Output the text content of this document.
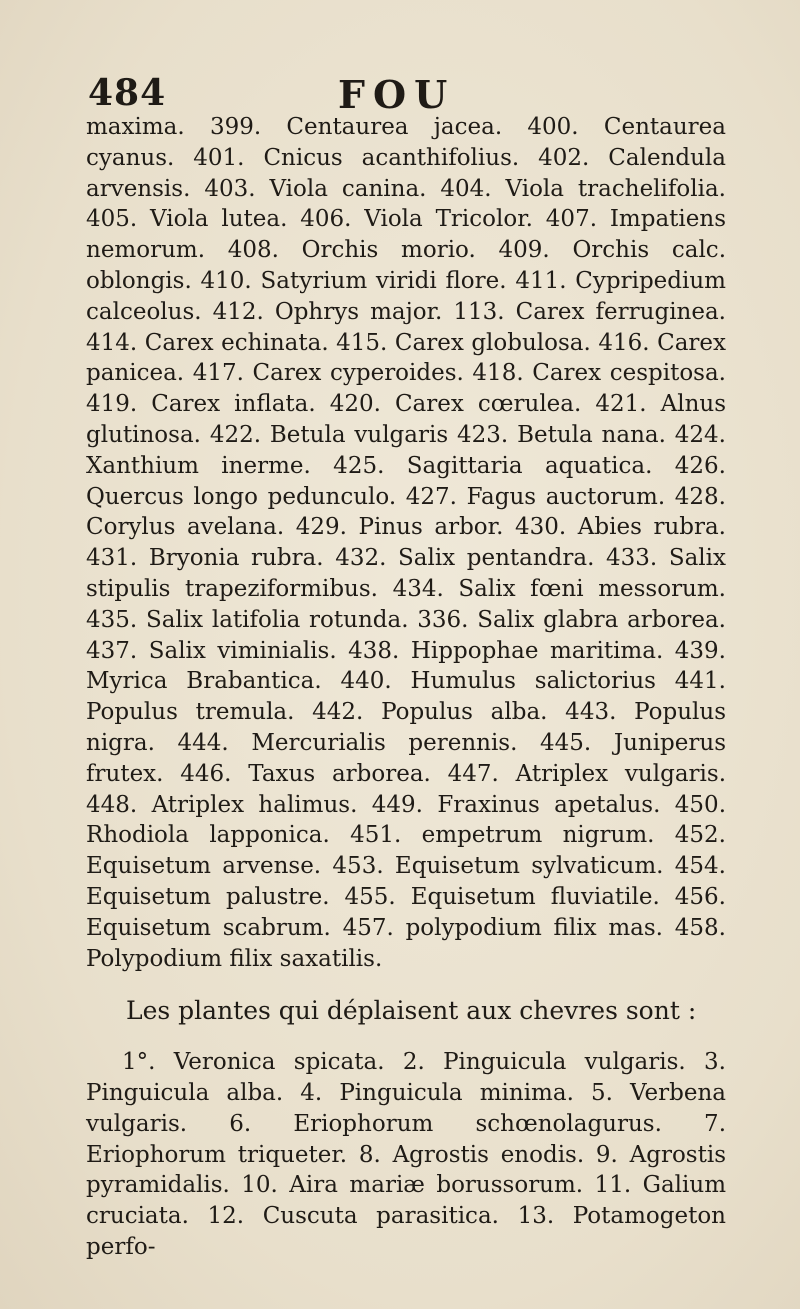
484	FOU

maxima. 399. Centaurea jacea. 400. Centaurea cyanus. 401. Cnicus acanthifolius. 402. Calendula arvensis. 403. Viola canina. 404. Viola trachelifolia. 405. Viola lutea. 406. Viola Tricolor. 407. Impatiens nemorum. 408. Orchis morio. 409. Orchis calc. oblongis. 410. Satyrium viridi flore. 411. Cypripedium calceolus. 412. Ophrys major. 113. Carex ferruginea. 414. Carex echinata. 415. Carex globulosa. 416. Carex panicea. 417. Carex cyperoides. 418. Carex cespitosa. 419. Carex inflata. 420. Carex cœrulea. 421. Alnus glutinosa. 422. Betula vulgaris 423. Betula nana. 424. Xanthium inerme. 425. Sagittaria aquatica. 426. Quercus longo pedunculo. 427. Fagus auctorum. 428. Corylus avelana. 429. Pinus arbor. 430. Abies rubra. 431. Bryonia rubra. 432. Salix pentandra. 433. Salix stipulis trapeziformibus. 434. Salix fœni messorum. 435. Salix latifolia rotunda. 336. Salix glabra arborea. 437. Salix viminialis. 438. Hippophae maritima. 439. Myrica Brabantica. 440. Humulus salictorius 441. Populus tremula. 442. Populus alba. 443. Populus nigra. 444. Mercurialis perennis. 445. Juniperus frutex. 446. Taxus arborea. 447. Atriplex vulgaris. 448. Atriplex halimus. 449. Fraxinus apetalus. 450. Rhodiola lapponica. 451. empetrum nigrum. 452. Equisetum arvense. 453. Equisetum sylvaticum. 454. Equisetum palustre. 455. Equisetum fluviatile. 456. Equisetum scabrum. 457. polypodium filix mas. 458. Polypodium filix saxatilis.

Les plantes qui déplaisent aux chevres sont :

1°. Veronica spicata. 2. Pinguicula vulgaris. 3. Pinguicula alba. 4. Pinguicula minima. 5. Verbena vulgaris. 6. Eriophorum schœnolagurus. 7. Eriophorum triqueter. 8. Agrostis enodis. 9. Agrostis pyramidalis. 10. Aira mariæ borussorum. 11. Galium cruciata. 12. Cuscuta parasitica. 13. Potamogeton perfo-
